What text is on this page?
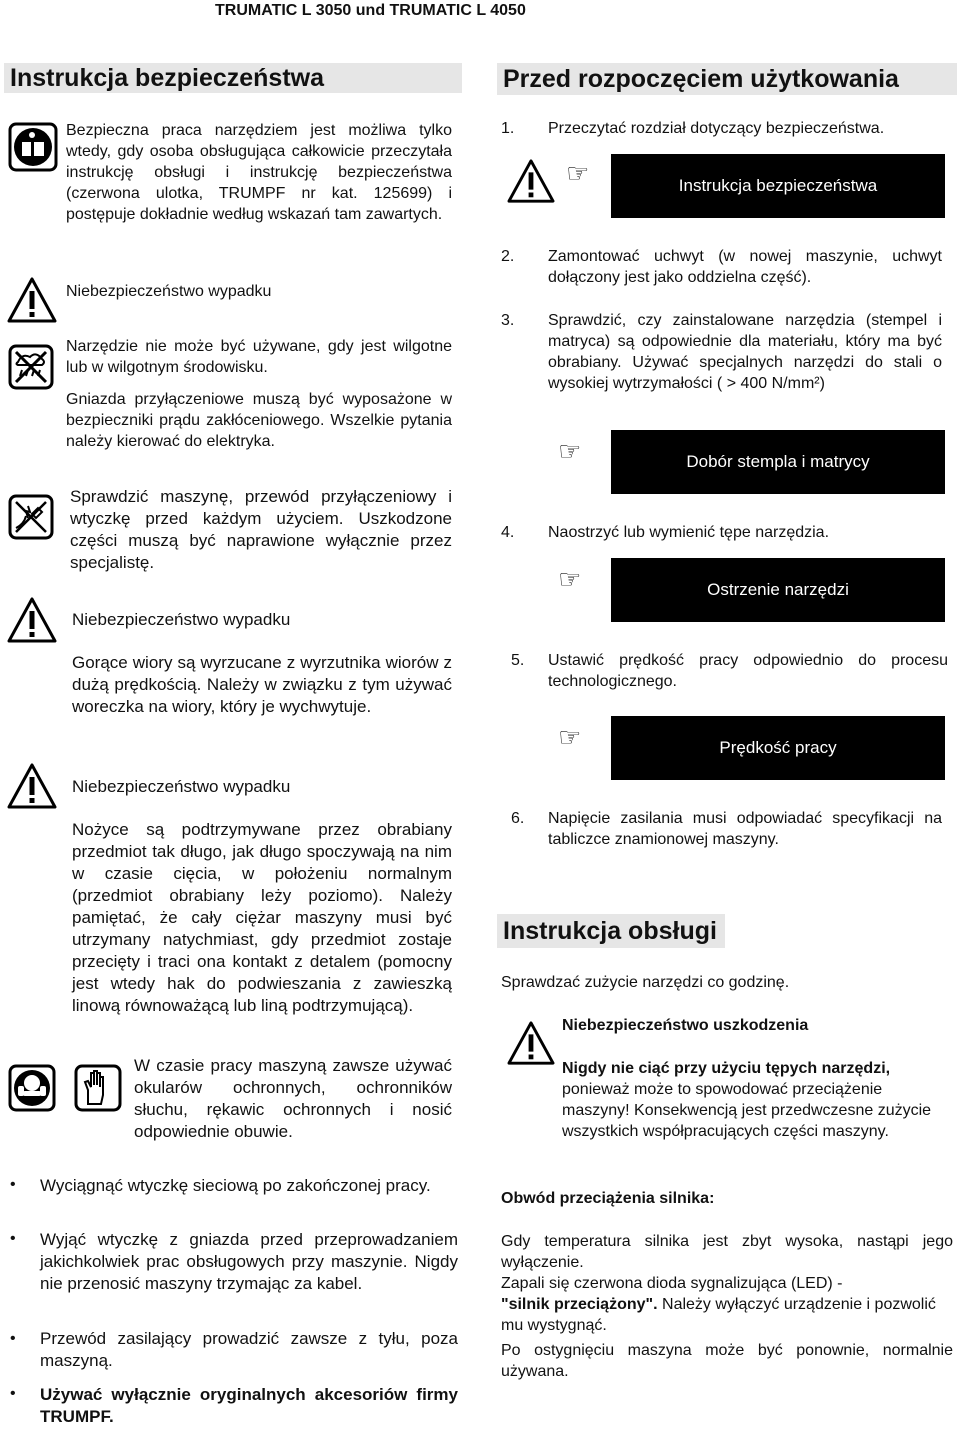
TRUMATIC L 3050 und TRUMATIC L 4050
Instrukcja bezpieczeństwa
Bezpieczna praca narzędziem jest możliwa tylko wtedy, gdy osoba obsługująca całkowicie przeczytała instrukcję obsługi i instrukcję bezpieczeństwa (czerwona ulotka, TRUMPF nr kat. 125699) i postępuje dokładnie według wskazań tam zawartych.
Niebezpieczeństwo wypadku
Narzędzie nie może być używane, gdy jest wilgotne lub w wilgotnym środowisku.
Gniazda przyłączeniowe muszą być wyposażone w bezpieczniki prądu zakłóceniowego. Wszelkie pytania należy kierować do elektryka.
Sprawdzić maszynę, przewód przyłączeniowy i wtyczkę przed każdym użyciem. Uszkodzone części muszą być naprawione wyłącznie przez specjalistę.
Niebezpieczeństwo wypadku
Gorące wiory są wyrzucane z wyrzutnika wiorów z dużą prędkością. Należy w związku z tym używać woreczka na wiory, który je wychwytuje.
Niebezpieczeństwo wypadku
Nożyce są podtrzymywane przez obrabiany przedmiot tak długo, jak długo spoczywają na nim w czasie cięcia, w położeniu normalnym (przedmiot obrabiany leży poziomo). Należy pamiętać, że cały ciężar maszyny musi być utrzymany natychmiast, gdy przedmiot zostaje przecięty i traci ona kontakt z detalem (pomocny jest wtedy hak do podwieszania z zawieszką linową równoważącą lub liną podtrzymującą).
W czasie pracy maszyną zawsze używać okularów ochronnych, ochronników słuchu, rękawic ochronnych i nosić odpowiednie obuwie.
• Wyciągnąć wtyczkę sieciową po zakończonej pracy.
• Wyjąć wtyczkę z gniazda przed przeprowadzaniem jakichkolwiek prac obsługowych przy maszynie. Nigdy nie przenosić maszyny trzymając za kabel.
• Przewód zasilający prowadzić zawsze z tyłu, poza maszyną.
• Używać wyłącznie oryginalnych akcesoriów firmy TRUMPF.
Przed rozpoczęciem użytkowania
1. Przeczytać rozdział dotyczący bezpieczeństwa.
☞	Instrukcja bezpieczeństwa
2. Zamontować uchwyt (w nowej maszynie, uchwyt dołączony jest jako oddzielna część).
3. Sprawdzić, czy zainstalowane narzędzia (stempel i matryca) są odpowiednie dla materiału, który ma być obrabiany. Używać specjalnych narzędzi do stali o wysokiej wytrzymałości ( > 400 N/mm²)
☞	Dobór stempla i matrycy
4. Naostrzyć lub wymienić tępe narzędzia.
☞	Ostrzenie narzędzi
5. Ustawić prędkość pracy odpowiednio do procesu technologicznego.
☞	Prędkość pracy
6. Napięcie zasilania musi odpowiadać specyfikacji na tabliczce znamionowej maszyny.
Instrukcja obsługi
Sprawdzać zużycie narzędzi co godzinę.
Niebezpieczeństwo uszkodzenia
Nigdy nie ciąć przy użyciu tępych narzędzi,
ponieważ może to spowodować przeciążenie maszyny! Konsekwencją jest przedwczesne zużycie wszystkich współpracujących części maszyny.
Obwód przeciążenia silnika:
Gdy temperatura silnika jest zbyt wysoka, nastąpi jego wyłączenie.
Zapali się czerwona dioda sygnalizująca (LED) -
"silnik przeciążony". Należy wyłączyć urządzenie i pozwolić mu wystygnąć.
Po ostygnięciu maszyna może być ponownie, normalnie używana.
